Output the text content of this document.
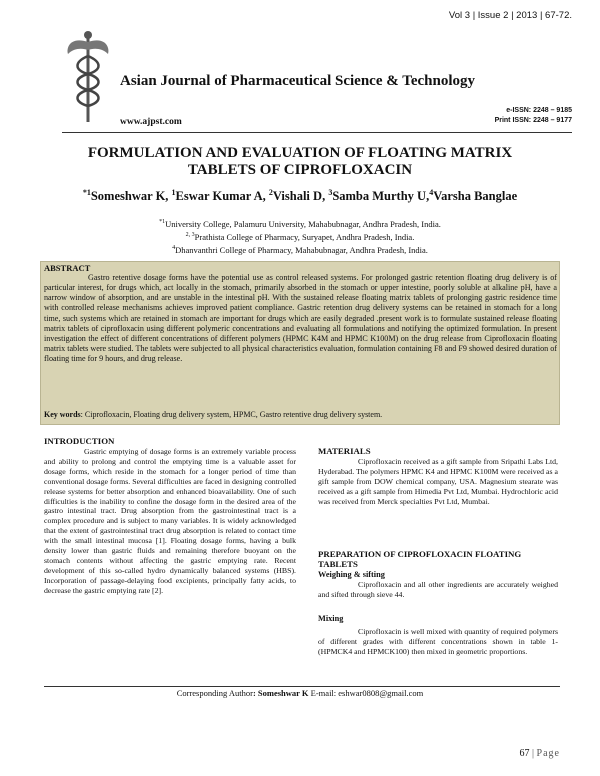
Vol 3 | Issue 2 | 2013 | 67-72.
Asian Journal of Pharmaceutical Science & Technology
e-ISSN: 2248 – 9185
Print ISSN: 2248 – 9177
www.ajpst.com
FORMULATION AND EVALUATION OF FLOATING MATRIX
TABLETS OF CIPROFLOXACIN
$^{*1}$Someshwar K, $^1$Eswar Kumar A, $^2$Vishali D, $^3$Samba Murthy U,$^4$Varsha Banglae
$^{*1}$University College, Palamuru University, Mahabubnagar, Andhra Pradesh, India.
$^{2, 3}$Prathista College of Pharmacy, Suryapet, Andhra Pradesh, India.
$^4$Dhanvanthri College of Pharmacy, Mahabubnagar, Andhra Pradesh, India.
ABSTRACT

Gastro retentive dosage forms have the potential use as control released systems. For prolonged gastric retention floating drug delivery is of particular interest, for drugs which, act locally in the stomach, primarily absorbed in the stomach or upper intestine, poorly soluble at alkaline pH, have a narrow window of absorption, and are unstable in the intestinal pH. With the sustained release floating matrix tablets of prolonging gastric residence time with controlled release mechanisms achieves improved patient compliance. Gastric retention drug delivery systems can be retained in stomach for a long time, such systems which are retained in stomach are important for drugs which are easily degraded .present work is to formulate sustained release floating matrix tablets of ciprofloxacin using different polymeric concentrations and evaluating all formulations and notifying the optimized formulation. In present investigation the effect of different concentrations of different polymers (HPMC K4M and HPMC K100M) on the drug release from Ciprofloxacin floating matrix tablets were studied. The tablets were subjected to all physical characteristics evaluation, formulation containing F8 and F9 showed desired duration of floating time for 9 hours, and drug release.

Key words: Ciprofloxacin, Floating drug delivery system, HPMC, Gastro retentive drug delivery system.
INTRODUCTION

Gastric emptying of dosage forms is an extremely variable process and ability to prolong and control the emptying time is a valuable asset for dosage forms, which reside in the stomach for a longer period of time than conventional dosage forms. Several difficulties are faced in designing controlled release systems for better absorption and enhanced bioavailability. One of such difficulties is the inability to confine the dosage form in the desired area of the gastro intestinal tract. Drug absorption from the gastrointestinal tract is a complex procedure and is subject to many variables. It is widely acknowledged that the extent of gastrointestinal tract drug absorption is related to contact time with the small intestinal mucosa [1]. Floating dosage forms, having a bulk density lower than gastric fluids and remaining therefore buoyant on the stomach contents without affecting the gastric emptying rate. Recent development of this so-called hydro dynamically balanced systems (HBS). Incorporation of passage-delaying food excipients, principally fatty acids, to decrease the gastric emptying rate [2].

MATERIALS

Ciprofloxacin received as a gift sample from Sripathi Labs Ltd, Hyderabad. The polymers HPMC K4 and HPMC K100M were received as a gift sample from DOW chemical company, USA. Magnesium stearate was received as a gift sample from Himedia Pvt Ltd, Mumbai. Hydrochloric acid was received from Merck specialties Pvt Ltd, Mumbai.

PREPARATION OF CIPROFLOXACIN FLOATING TABLETS
Weighing & sifting

Ciprofloxacin and all other ingredients are accurately weighed and sifted through sieve 44.

Mixing

Ciprofloxacin is well mixed with quantity of required polymers of different grades with different concentrations shown in table 1- (HPMCK4 and HPMCK100) then mixed in geometric proportions.

Corresponding Author: Someshwar K E-mail: eshwar0808@gmail.com
67 | Page
